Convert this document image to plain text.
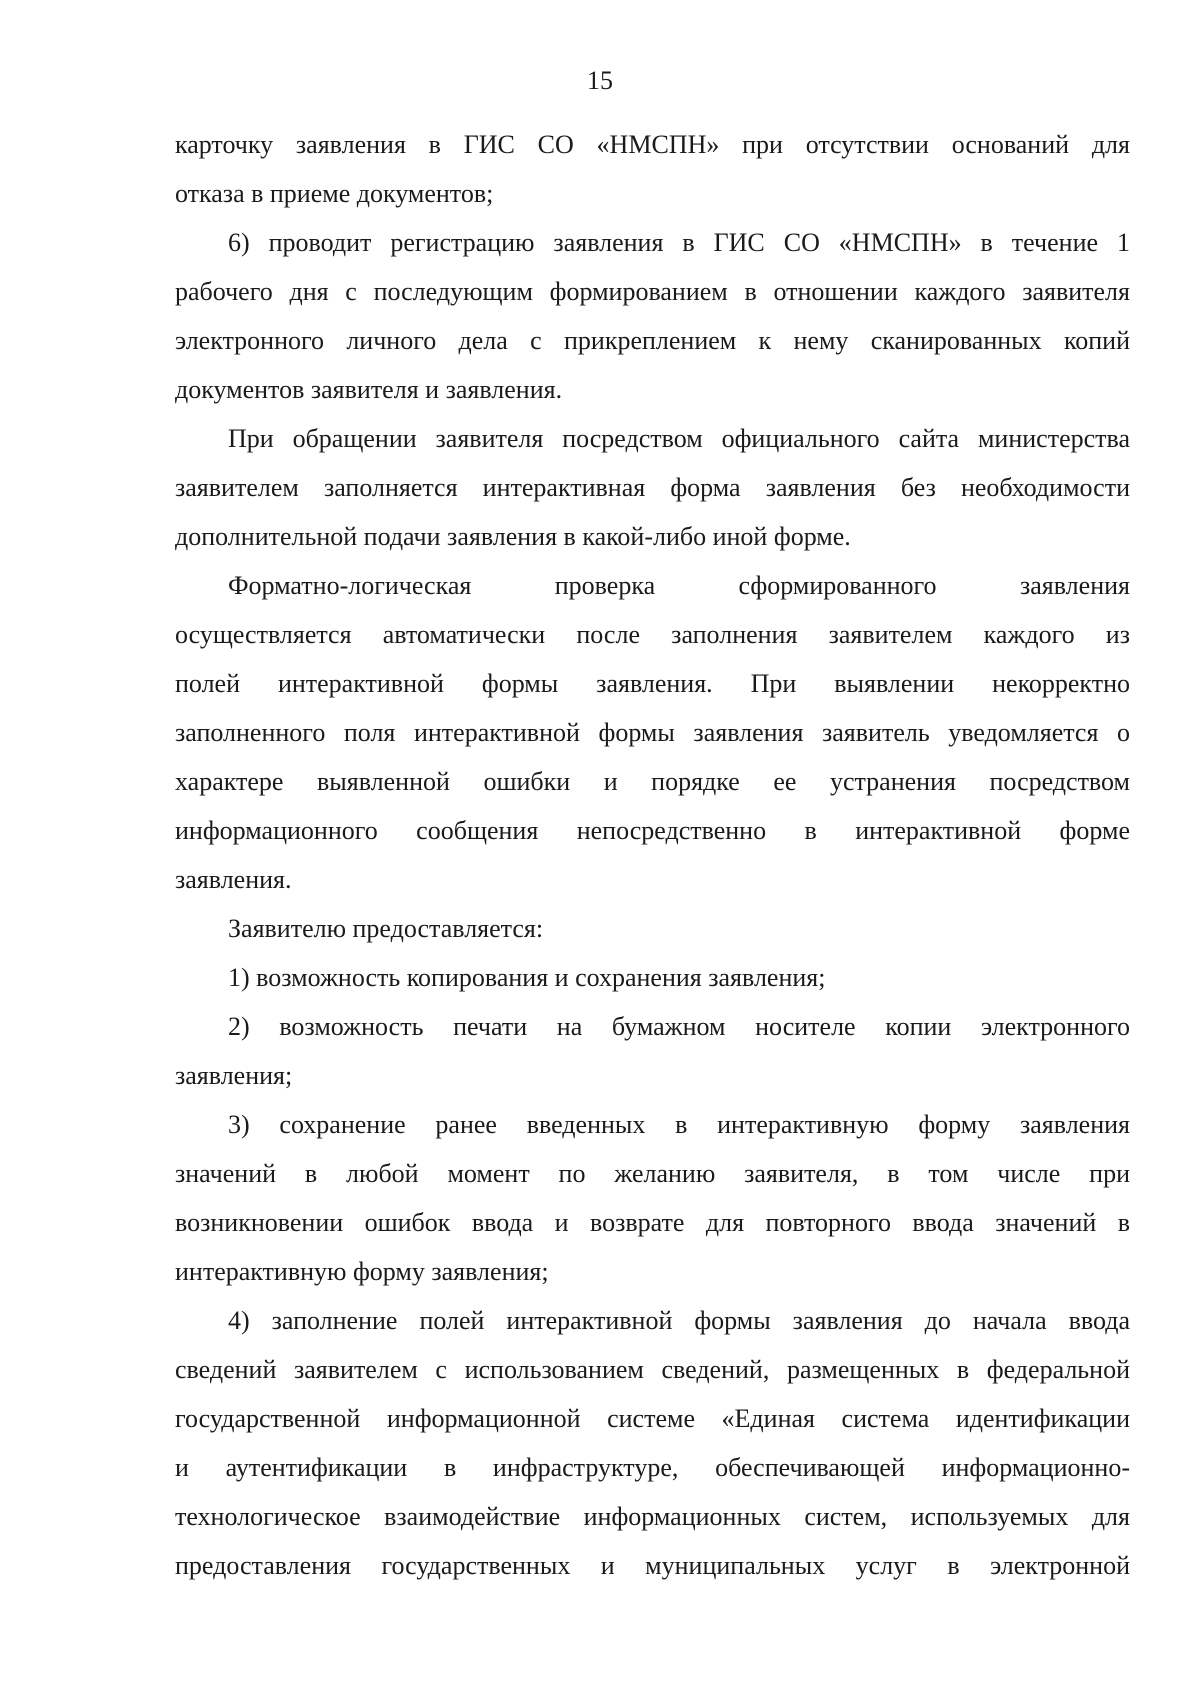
15
карточку заявления в ГИС СО «НМСПН» при отсутствии оснований для
отказа в приеме документов;
6) проводит регистрацию заявления в ГИС СО «НМСПН» в течение 1
рабочего дня с последующим формированием в отношении каждого заявителя
электронного личного дела с прикреплением к нему сканированных копий
документов заявителя и заявления.
При обращении заявителя посредством официального сайта министерства
заявителем заполняется интерактивная форма заявления без необходимости
дополнительной подачи заявления в какой-либо иной форме.
Форматно-логическая проверка сформированного заявления
осуществляется автоматически после заполнения заявителем каждого из
полей интерактивной формы заявления. При выявлении некорректно
заполненного поля интерактивной формы заявления заявитель уведомляется о
характере выявленной ошибки и порядке ее устранения посредством
информационного сообщения непосредственно в интерактивной форме
заявления.
Заявителю предоставляется:
1) возможность копирования и сохранения заявления;
2) возможность печати на бумажном носителе копии электронного
заявления;
3) сохранение ранее введенных в интерактивную форму заявления
значений в любой момент по желанию заявителя, в том числе при
возникновении ошибок ввода и возврате для повторного ввода значений в
интерактивную форму заявления;
4) заполнение полей интерактивной формы заявления до начала ввода
сведений заявителем с использованием сведений, размещенных в федеральной
государственной информационной системе «Единая система идентификации
и аутентификации в инфраструктуре, обеспечивающей информационно-
технологическое взаимодействие информационных систем, используемых для
предоставления государственных и муниципальных услуг в электронной
